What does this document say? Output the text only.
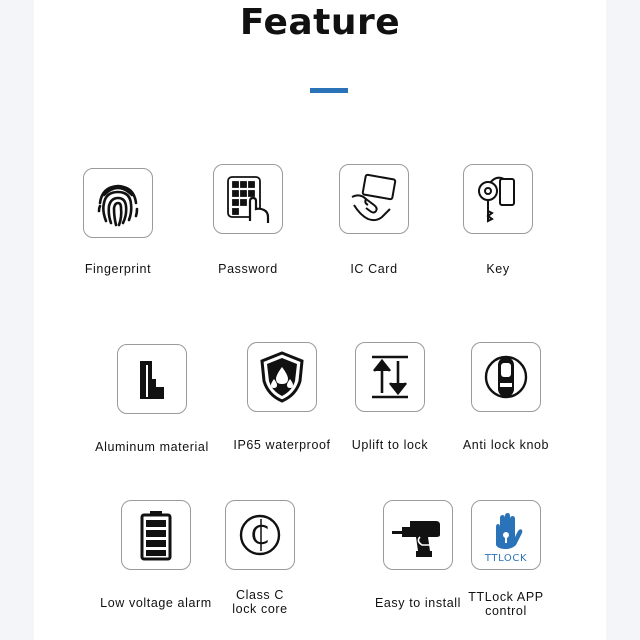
Feature
Fingerprint	Password	IC Card	Key
Aluminum material	IP65 waterproof	Uplift to lock	Anti lock knob
Low voltage alarm
C
Class C
lock core	Easy to install
TTLOCK
TTLock APP
control
